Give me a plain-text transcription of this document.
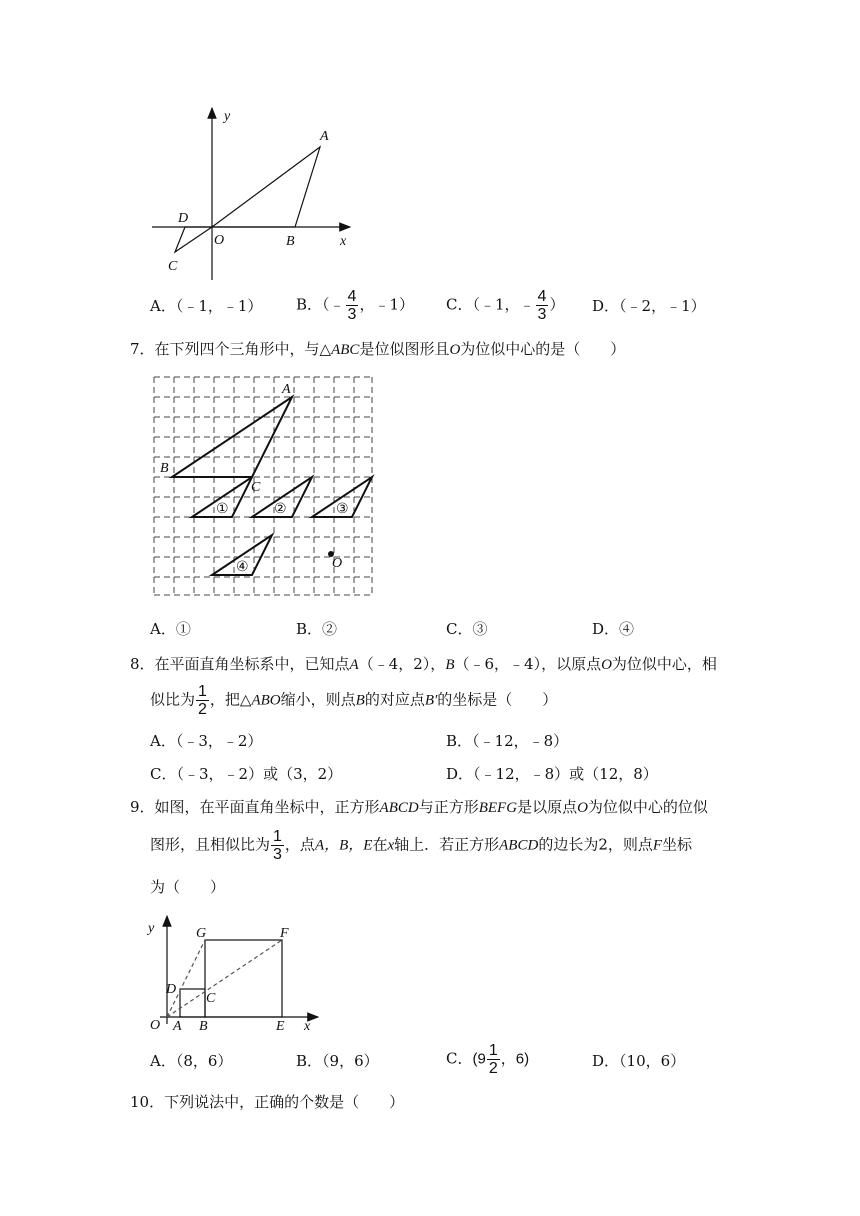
y
A
D
O	B	x
C
A．（﹣1，﹣1） B．（﹣ $\frac{4}{3}$ ，﹣1） C．（﹣1，﹣ $\frac{4}{3}$ ） D．（﹣2，﹣1）
7．在下列四个三角形中，与△ABC是位似图形且O为位似中心的是（　　）
A
B
C
①	②	③
④	O
A．①	B．②	C．③	D．④
8．在平面直角坐标系中，已知点A（﹣4，2），B（﹣6，﹣4），以原点O为位似中心，相
似比为 $\frac{1}{2}$ ，把△ABO缩小，则点B的对应点B′的坐标是（　　）
A．（﹣3，﹣2）	B．（﹣12，﹣8）
C．（﹣3，﹣2）或（3，2）	D．（﹣12，﹣8）或（12，8）
9．如图，在平面直角坐标中，正方形ABCD与正方形BEFG是以原点O为位似中心的位似
图形，且相似比为 $\frac{1}{3}$ ，点A，B，E在x轴上．若正方形ABCD的边长为2，则点F坐标
为（　　）
y	G	F
D
C
O A B	E x
A．（8，6）	B．（9，6）	C．($9 \frac{1}{2}$ ，6)	D．（10，6）
10．下列说法中，正确的个数是（　　）
